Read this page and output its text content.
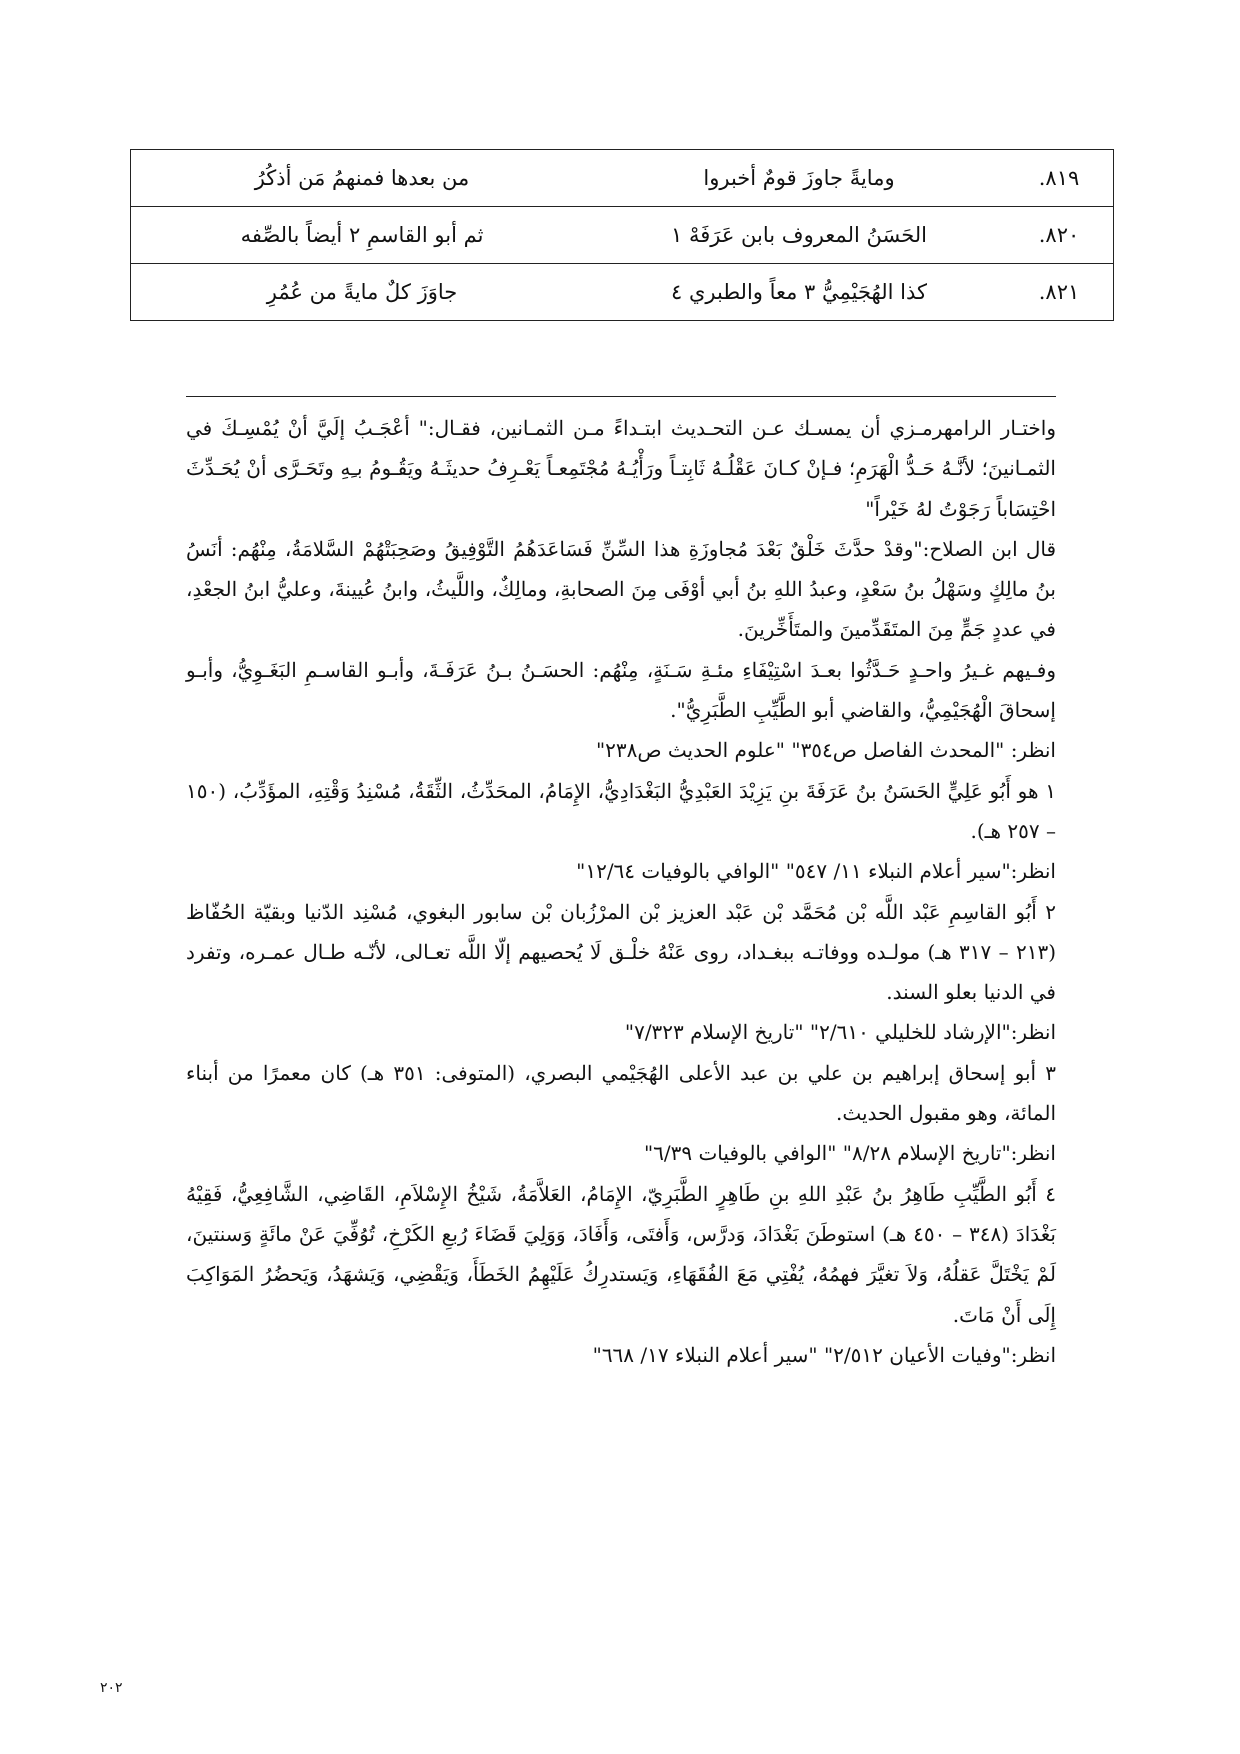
٨١٩.	ومايةً جاوزَ قومٌ أخبروا	من بعدها فمنهمُ مَن أذكُرُ
٨٢٠.	الحَسَنُ المعروف بابن عَرَفَهْ ١	ثم أبو القاسمِ ٢ أيضاً بالصِّفه
٨٢١.	كذا الهُجَيْمِيُّ ٣ معاً والطبري ٤	جاوَزَ كلٌ مايةً من عُمُرِ

واختـار الرامهرمـزي أن يمسـك عـن التحـديث ابتـداءً مـن الثمـانين، فقـال:" أعْجَـبُ إلَيَّ أنْ يُمْسِـكَ في الثمـانينَ؛ لأنَّـهُ حَـدُّ الْهَرَمِ؛ فـإنْ كـانَ عَقْلُـهُ ثَابِتـاً ورَأْيُـهُ مُجْتَمِعـاً يَعْـرِفُ حديثَـهُ ويَقُـومُ بـِهِ وتَحَـرَّى أنْ يُحَـدِّثَ احْتِسَاباً رَجَوْتُ لهُ خَيْراً"

قال ابن الصلاح:"وقدْ حدَّثَ خَلْقٌ بَعْدَ مُجاوزَةِ هذا السِّنِّ فَسَاعَدَهُمُ التَّوْفِيقُ وصَحِبَتْهُمْ السَّلامَةُ، مِنْهُم: أنَسُ بنُ مالِكٍ وسَهْلُ بنُ سَعْدٍ، وعبدُ اللهِ بنُ أبي أوْفَى مِنَ الصحابةِ، ومالِكٌ، واللَّيثُ، وابنُ عُيينةَ، وعليُّ ابنُ الجعْدِ، في عددٍ جَمٍّ مِنَ المتَقَدِّمينَ والمتَأَخِّرينَ.

وفـيهم غـيرُ واحـدٍ حَـدَّثُوا بعـدَ اسْتِيْفَاءِ مئـةِ سَـنَةٍ، مِنْهُم: الحسَـنُ بـنُ عَرَفَـةَ، وأبـو القاسـمِ البَغَـوِيُّ، وأبـو إسحاقَ الْهُجَيْمِيُّ، والقاضي أبو الطَّيِّبِ الطَّبَرِيُّ".

انظر: "المحدث الفاصل ص٣٥٤" "علوم الحديث ص٢٣٨"

١ هو أَبُو عَلِيٍّ الحَسَنُ بنُ عَرَفَةَ بنِ يَزِيْدَ العَبْدِيُّ البَغْدَادِيُّ، الإِمَامُ، المحَدِّثُ، الثِّقَةُ، مُسْنِدُ وَقْتِهِ، المؤَدِّبُ، (١٥٠ – ٢٥٧ هـ).

انظر:"سير أعلام النبلاء ١١/ ٥٤٧" "الوافي بالوفيات ١٢/٦٤"

٢ أَبُو القاسِمِ عَبْد اللَّه بْن مُحَمَّد بْن عَبْد العزيز بْن المرْزُبان بْن سابور البغوي، مُسْنِد الدّنيا وبقيّة الحُفّاظ (٢١٣ – ٣١٧ هـ) مولـده ووفاتـه ببغـداد، روى عَنْهُ خلْـق لَا يُحصيهم إلّا اللَّه تعـالى، لأنّـه طـال عمـره، وتفرد في الدنيا بعلو السند.

انظر:"الإرشاد للخليلي ٢/٦١٠" "تاريخ الإسلام ٧/٣٢٣"

٣ أبو إسحاق إبراهيم بن علي بن عبد الأعلى الهُجَيْمي البصري، (المتوفى: ٣٥١ هـ) كان معمرًا من أبناء المائة، وهو مقبول الحديث.

انظر:"تاريخ الإسلام ٨/٢٨" "الوافي بالوفيات ٦/٣٩"

٤ أَبُو الطَّيِّبِ طَاهِرُ بنُ عَبْدِ اللهِ بنِ طَاهِرٍ الطَّبَرِيّ، الإِمَامُ، العَلاَّمَةُ، شَيْخُ الإِسْلاَمِ، القَاضِي، الشَّافِعِيُّ، فَقِيْهُ بَغْدَادَ (٣٤٨ – ٤٥٠ هـ) استوطَنَ بَغْدَادَ، وَدرَّس، وَأَفتَى، وَأَفَادَ، وَوَلِيَ قَضَاءَ رُبعِ الكَرْخِ، تُوُفِّيَ عَنْ مائَةٍ وَسنتينَ، لَمْ يَخْتَلَّ عَقلُهُ، وَلاَ تغيَّرَ فهمُهُ، يُفْتِي مَعَ الفُقَهَاءِ، وَيَستدرِكُ عَلَيْهِمُ الخَطَأَ، وَيَقْضِي، وَيَشهَدُ، وَيَحضُرُ المَوَاكِبَ إِلَى أَنْ مَاتَ.

انظر:"وفيات الأعيان ٢/٥١٢" "سير أعلام النبلاء ١٧/ ٦٦٨"

٢٠٢
